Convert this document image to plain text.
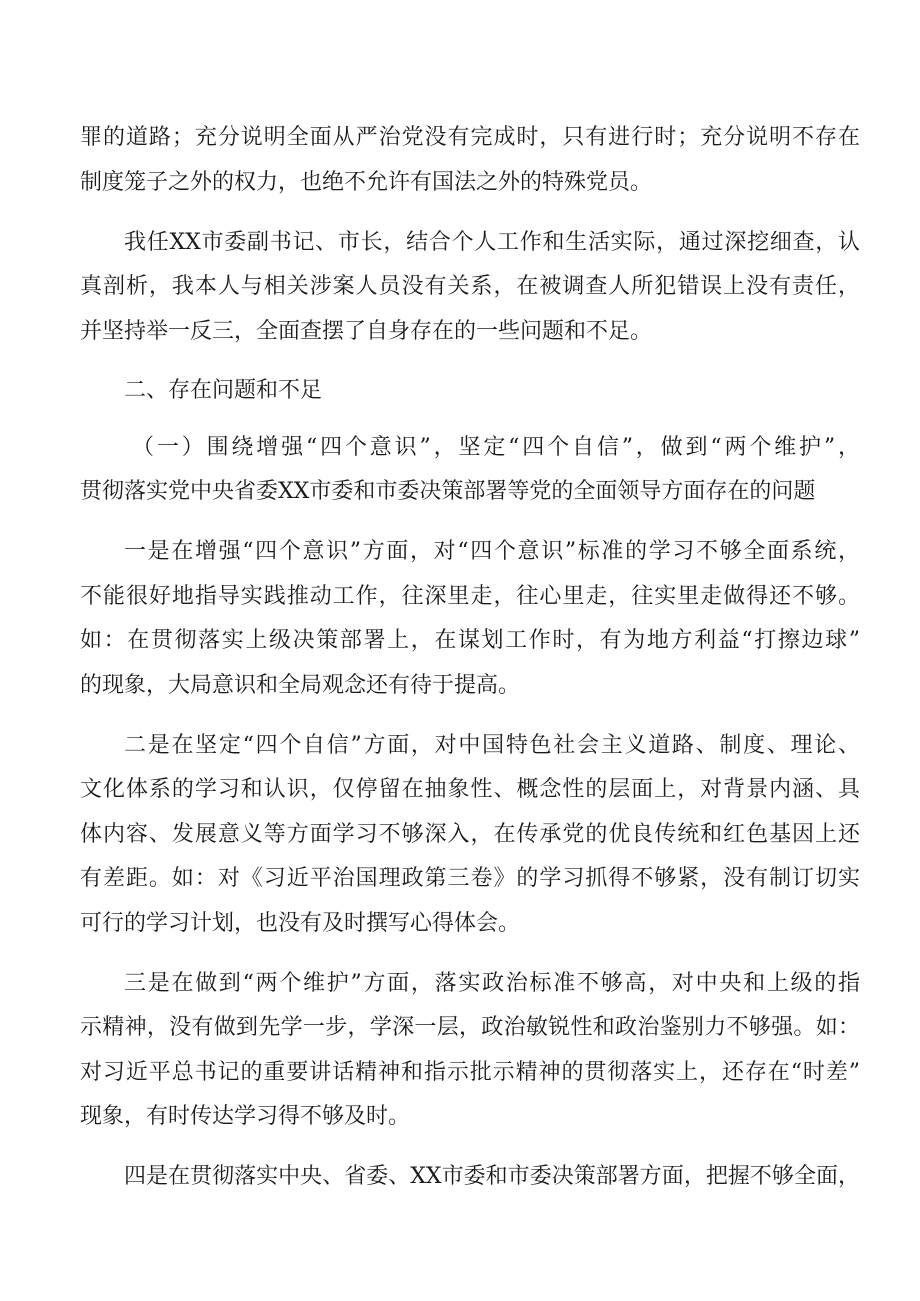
罪的道路；充分说明全面从严治党没有完成时，只有进行时；充分说明不存在
制度笼子之外的权力，也绝不允许有国法之外的特殊党员。
我任XX市委副书记、市长，结合个人工作和生活实际，通过深挖细查，认
真剖析，我本人与相关涉案人员没有关系，在被调查人所犯错误上没有责任，
并坚持举一反三，全面查摆了自身存在的一些问题和不足。
二、存在问题和不足
（一）围绕增强“四个意识”，坚定“四个自信”，做到“两个维护”，
贯彻落实党中央省委XX市委和市委决策部署等党的全面领导方面存在的问题
一是在增强“四个意识”方面，对“四个意识”标准的学习不够全面系统，
不能很好地指导实践推动工作，往深里走，往心里走，往实里走做得还不够。
如：在贯彻落实上级决策部署上，在谋划工作时，有为地方利益“打擦边球”
的现象，大局意识和全局观念还有待于提高。
二是在坚定“四个自信”方面，对中国特色社会主义道路、制度、理论、
文化体系的学习和认识，仅停留在抽象性、概念性的层面上，对背景内涵、具
体内容、发展意义等方面学习不够深入，在传承党的优良传统和红色基因上还
有差距。如：对《习近平治国理政第三卷》的学习抓得不够紧，没有制订切实
可行的学习计划，也没有及时撰写心得体会。
三是在做到“两个维护”方面，落实政治标准不够高，对中央和上级的指
示精神，没有做到先学一步，学深一层，政治敏锐性和政治鉴别力不够强。如：
对习近平总书记的重要讲话精神和指示批示精神的贯彻落实上，还存在“时差”
现象，有时传达学习得不够及时。
四是在贯彻落实中央、省委、XX市委和市委决策部署方面，把握不够全面，
